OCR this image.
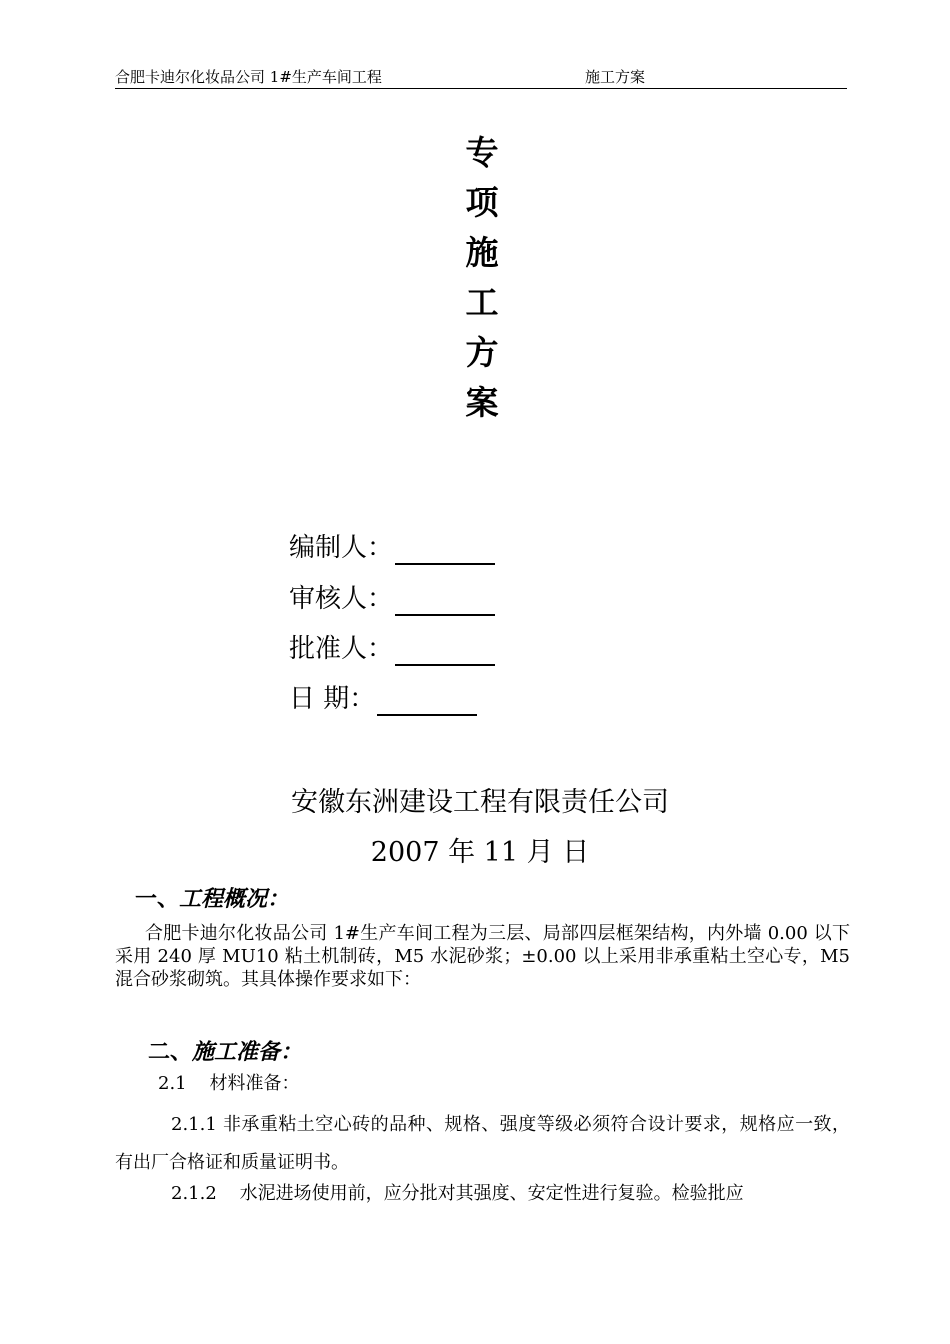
合肥卡迪尔化妆品公司 1#生产车间工程	施工方案
专
项
施
工
方
案
编制人：
审核人：
批准人：
日 期：
安徽东洲建设工程有限责任公司
2007 年 11 月 日
一、工程概况：
合肥卡迪尔化妆品公司 1#生产车间工程为三层、局部四层框架结构，内外墙 0.00 以下采用 240 厚 MU10 粘土机制砖，M5 水泥砂浆；±0.00 以上采用非承重粘土空心专，M5 混合砂浆砌筑。其具体操作要求如下：
二、施工准备：
2.1    材料准备：
2.1.1 非承重粘土空心砖的品种、规格、强度等级必须符合设计要求，规格应一致，有出厂合格证和质量证明书。
2.1.2    水泥进场使用前，应分批对其强度、安定性进行复验。检验批应
